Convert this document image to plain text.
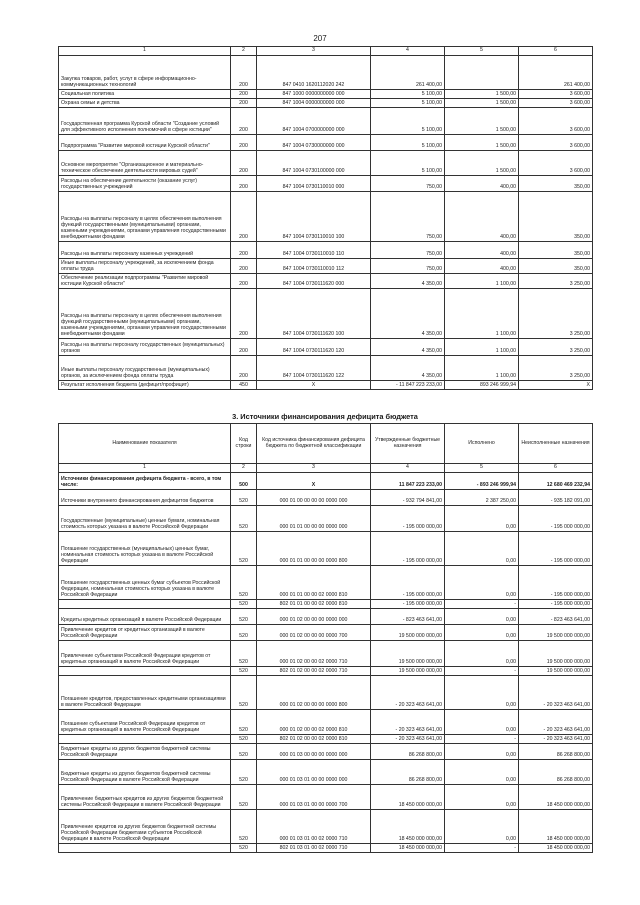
207
1	2	3	4	5	6
Закупка товаров, работ, услуг в сфере информационно-коммуникационных технологий	200	847 0410 1620112020 242	261 400,00		261 400,00
Социальная политика	200	847 1000 0000000000 000	5 100,00	1 500,00	3 600,00
Охрана семьи и детства	200	847 1004 0000000000 000	5 100,00	1 500,00	3 600,00
Государственная программа Курской области "Создание условий для эффективного исполнения полномочий в сфере юстиции"	200	847 1004 0700000000 000	5 100,00	1 500,00	3 600,00
Подпрограмма "Развитие мировой юстиции Курской области"	200	847 1004 0730000000 000	5 100,00	1 500,00	3 600,00
Основное мероприятие "Организационное и материально-техническое обеспечение деятельности мировых судей"	200	847 1004 0730100000 000	5 100,00	1 500,00	3 600,00
Расходы на обеспечение деятельности (оказание услуг) государственных учреждений	200	847 1004 0730110010 000	750,00	400,00	350,00
Расходы на выплаты персоналу в целях обеспечения выполнения функций государственными (муниципальными) органами, казенными учреждениями, органами управления государственными внебюджетными фондами	200	847 1004 0730110010 100	750,00	400,00	350,00
Расходы на выплаты персоналу казенных учреждений	200	847 1004 0730110010 110	750,00	400,00	350,00
Иные выплаты персоналу учреждений, за исключением фонда оплаты труда	200	847 1004 0730110010 112	750,00	400,00	350,00
Обеспечение реализации подпрограммы "Развитие мировой юстиции Курской области"	200	847 1004 0730111620 000	4 350,00	1 100,00	3 250,00
Расходы на выплаты персоналу в целях обеспечения выполнения функций государственными (муниципальными) органами, казенными учреждениями, органами управления государственными внебюджетными фондами	200	847 1004 0730111620 100	4 350,00	1 100,00	3 250,00
Расходы на выплаты персоналу государственных (муниципальных) органов	200	847 1004 0730111620 120	4 350,00	1 100,00	3 250,00
Иные выплаты персоналу государственных (муниципальных) органов, за исключением фонда оплаты труда	200	847 1004 0730111620 122	4 350,00	1 100,00	3 250,00
Результат исполнения бюджета (дефицит/профицит)	450	X	- 11 847 223 233,00	893 246 999,94	X
3. Источники финансирования дефицита бюджета
Наименование показателя	Код строки	Код источника финансирования дефицита бюджета по бюджетной классификации	Утвержденные бюджетные назначения	Исполнено	Неисполненные назначения
1	2	3	4	5	6
Источники финансирования дефицита бюджета - всего, в том числе:	500	X	11 847 223 233,00	- 893 246 999,94	12 680 469 232,94
Источники внутреннего финансирования дефицитов бюджетов	520	000 01 00 00 00 00 0000 000	- 932 794 841,00	2 387 250,00	- 935 182 091,00
Государственные (муниципальные) ценные бумаги, номинальная стоимость которых указана в валюте Российской Федерации	520	000 01 01 00 00 00 0000 000	- 195 000 000,00	0,00	- 195 000 000,00
Погашение государственных (муниципальных) ценных бумаг, номинальная стоимость которых указана в валюте Российской Федерации	520	000 01 01 00 00 00 0000 800	- 195 000 000,00	0,00	- 195 000 000,00
Погашение государственных ценных бумаг субъектов Российской Федерации, номинальная стоимость которых указана в валюте Российской Федерации	520	000 01 01 00 00 02 0000 810	- 195 000 000,00	0,00	- 195 000 000,00
	520	802 01 01 00 00 02 0000 810	- 195 000 000,00	-	- 195 000 000,00
Кредиты кредитных организаций в валюте Российской Федерации	520	000 01 02 00 00 00 0000 000	- 823 463 641,00	0,00	- 823 463 641,00
Привлечение кредитов от кредитных организаций в валюте Российской Федерации	520	000 01 02 00 00 00 0000 700	19 500 000 000,00	0,00	19 500 000 000,00
Привлечение субъектами Российской Федерации кредитов от кредитных организаций в валюте Российской Федерации	520	000 01 02 00 00 02 0000 710	19 500 000 000,00	0,00	19 500 000 000,00
	520	802 01 02 00 00 02 0000 710	19 500 000 000,00	-	19 500 000 000,00
Погашение кредитов, предоставленных кредитными организациями в валюте Российской Федерации	520	000 01 02 00 00 00 0000 800	- 20 323 463 641,00	0,00	- 20 323 463 641,00
Погашение субъектами Российской Федерации кредитов от кредитных организаций в валюте Российской Федерации	520	000 01 02 00 00 02 0000 810	- 20 323 463 641,00	0,00	- 20 323 463 641,00
	520	802 01 02 00 00 02 0000 810	- 20 323 463 641,00	-	- 20 323 463 641,00
Бюджетные кредиты из других бюджетов бюджетной системы Российской Федерации	520	000 01 03 00 00 00 0000 000	86 268 800,00	0,00	86 268 800,00
Бюджетные кредиты из других бюджетов бюджетной системы Российской Федерации в валюте Российской Федерации	520	000 01 03 01 00 00 0000 000	86 268 800,00	0,00	86 268 800,00
Привлечение бюджетных кредитов из других бюджетов бюджетной системы Российской Федерации в валюте Российской Федерации	520	000 01 03 01 00 00 0000 700	18 450 000 000,00	0,00	18 450 000 000,00
Привлечение кредитов из других бюджетов бюджетной системы Российской Федерации бюджетами субъектов Российской Федерации в валюте Российской Федерации	520	000 01 03 01 00 02 0000 710	18 450 000 000,00	0,00	18 450 000 000,00
	520	802 01 03 01 00 02 0000 710	18 450 000 000,00	-	18 450 000 000,00
